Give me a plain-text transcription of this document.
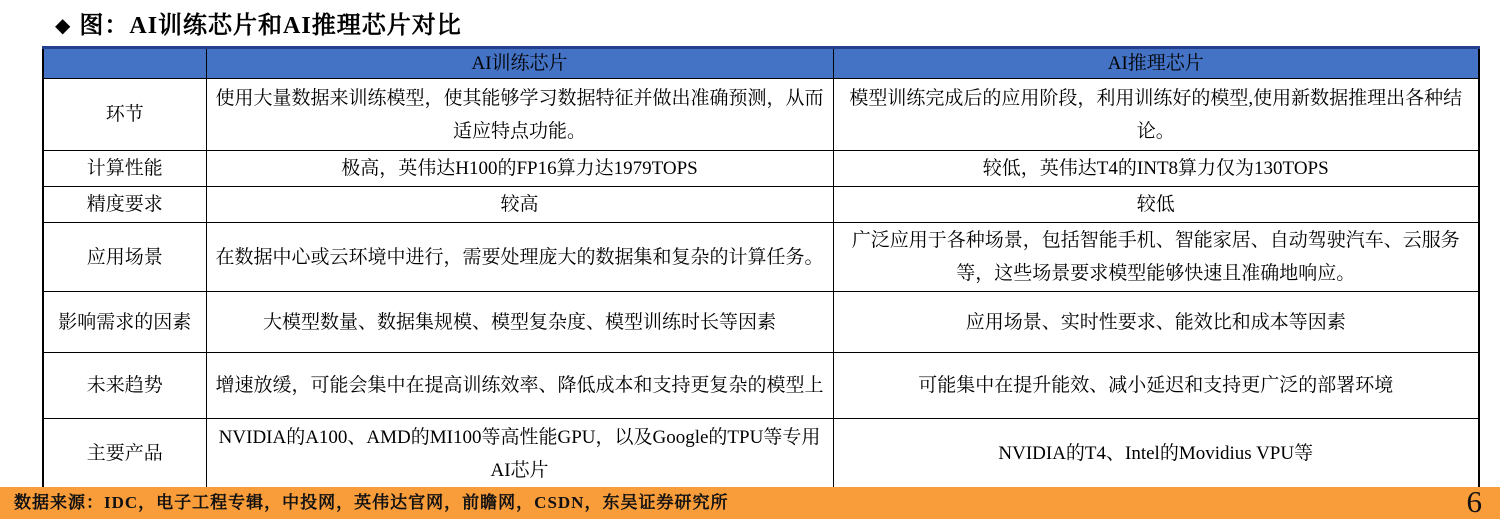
◆ 图：AI训练芯片和AI推理芯片对比
	AI训练芯片	AI推理芯片
环节	使用大量数据来训练模型，使其能够学习数据特征并做出准确预测，从而适应特点功能。	模型训练完成后的应用阶段，利用训练好的模型,使用新数据推理出各种结论。
计算性能	极高，英伟达H100的FP16算力达1979TOPS	较低，英伟达T4的INT8算力仅为130TOPS
精度要求	较高	较低
应用场景	在数据中心或云环境中进行，需要处理庞大的数据集和复杂的计算任务。	广泛应用于各种场景，包括智能手机、智能家居、自动驾驶汽车、云服务等，这些场景要求模型能够快速且准确地响应。
影响需求的因素	大模型数量、数据集规模、模型复杂度、模型训练时长等因素	应用场景、实时性要求、能效比和成本等因素
未来趋势	增速放缓，可能会集中在提高训练效率、降低成本和支持更复杂的模型上	可能集中在提升能效、减小延迟和支持更广泛的部署环境
主要产品	NVIDIA的A100、AMD的MI100等高性能GPU，以及Google的TPU等专用AI芯片	NVIDIA的T4、Intel的Movidius VPU等
数据来源：IDC，电子工程专辑，中投网，英伟达官网，前瞻网，CSDN，东吴证券研究所	6
